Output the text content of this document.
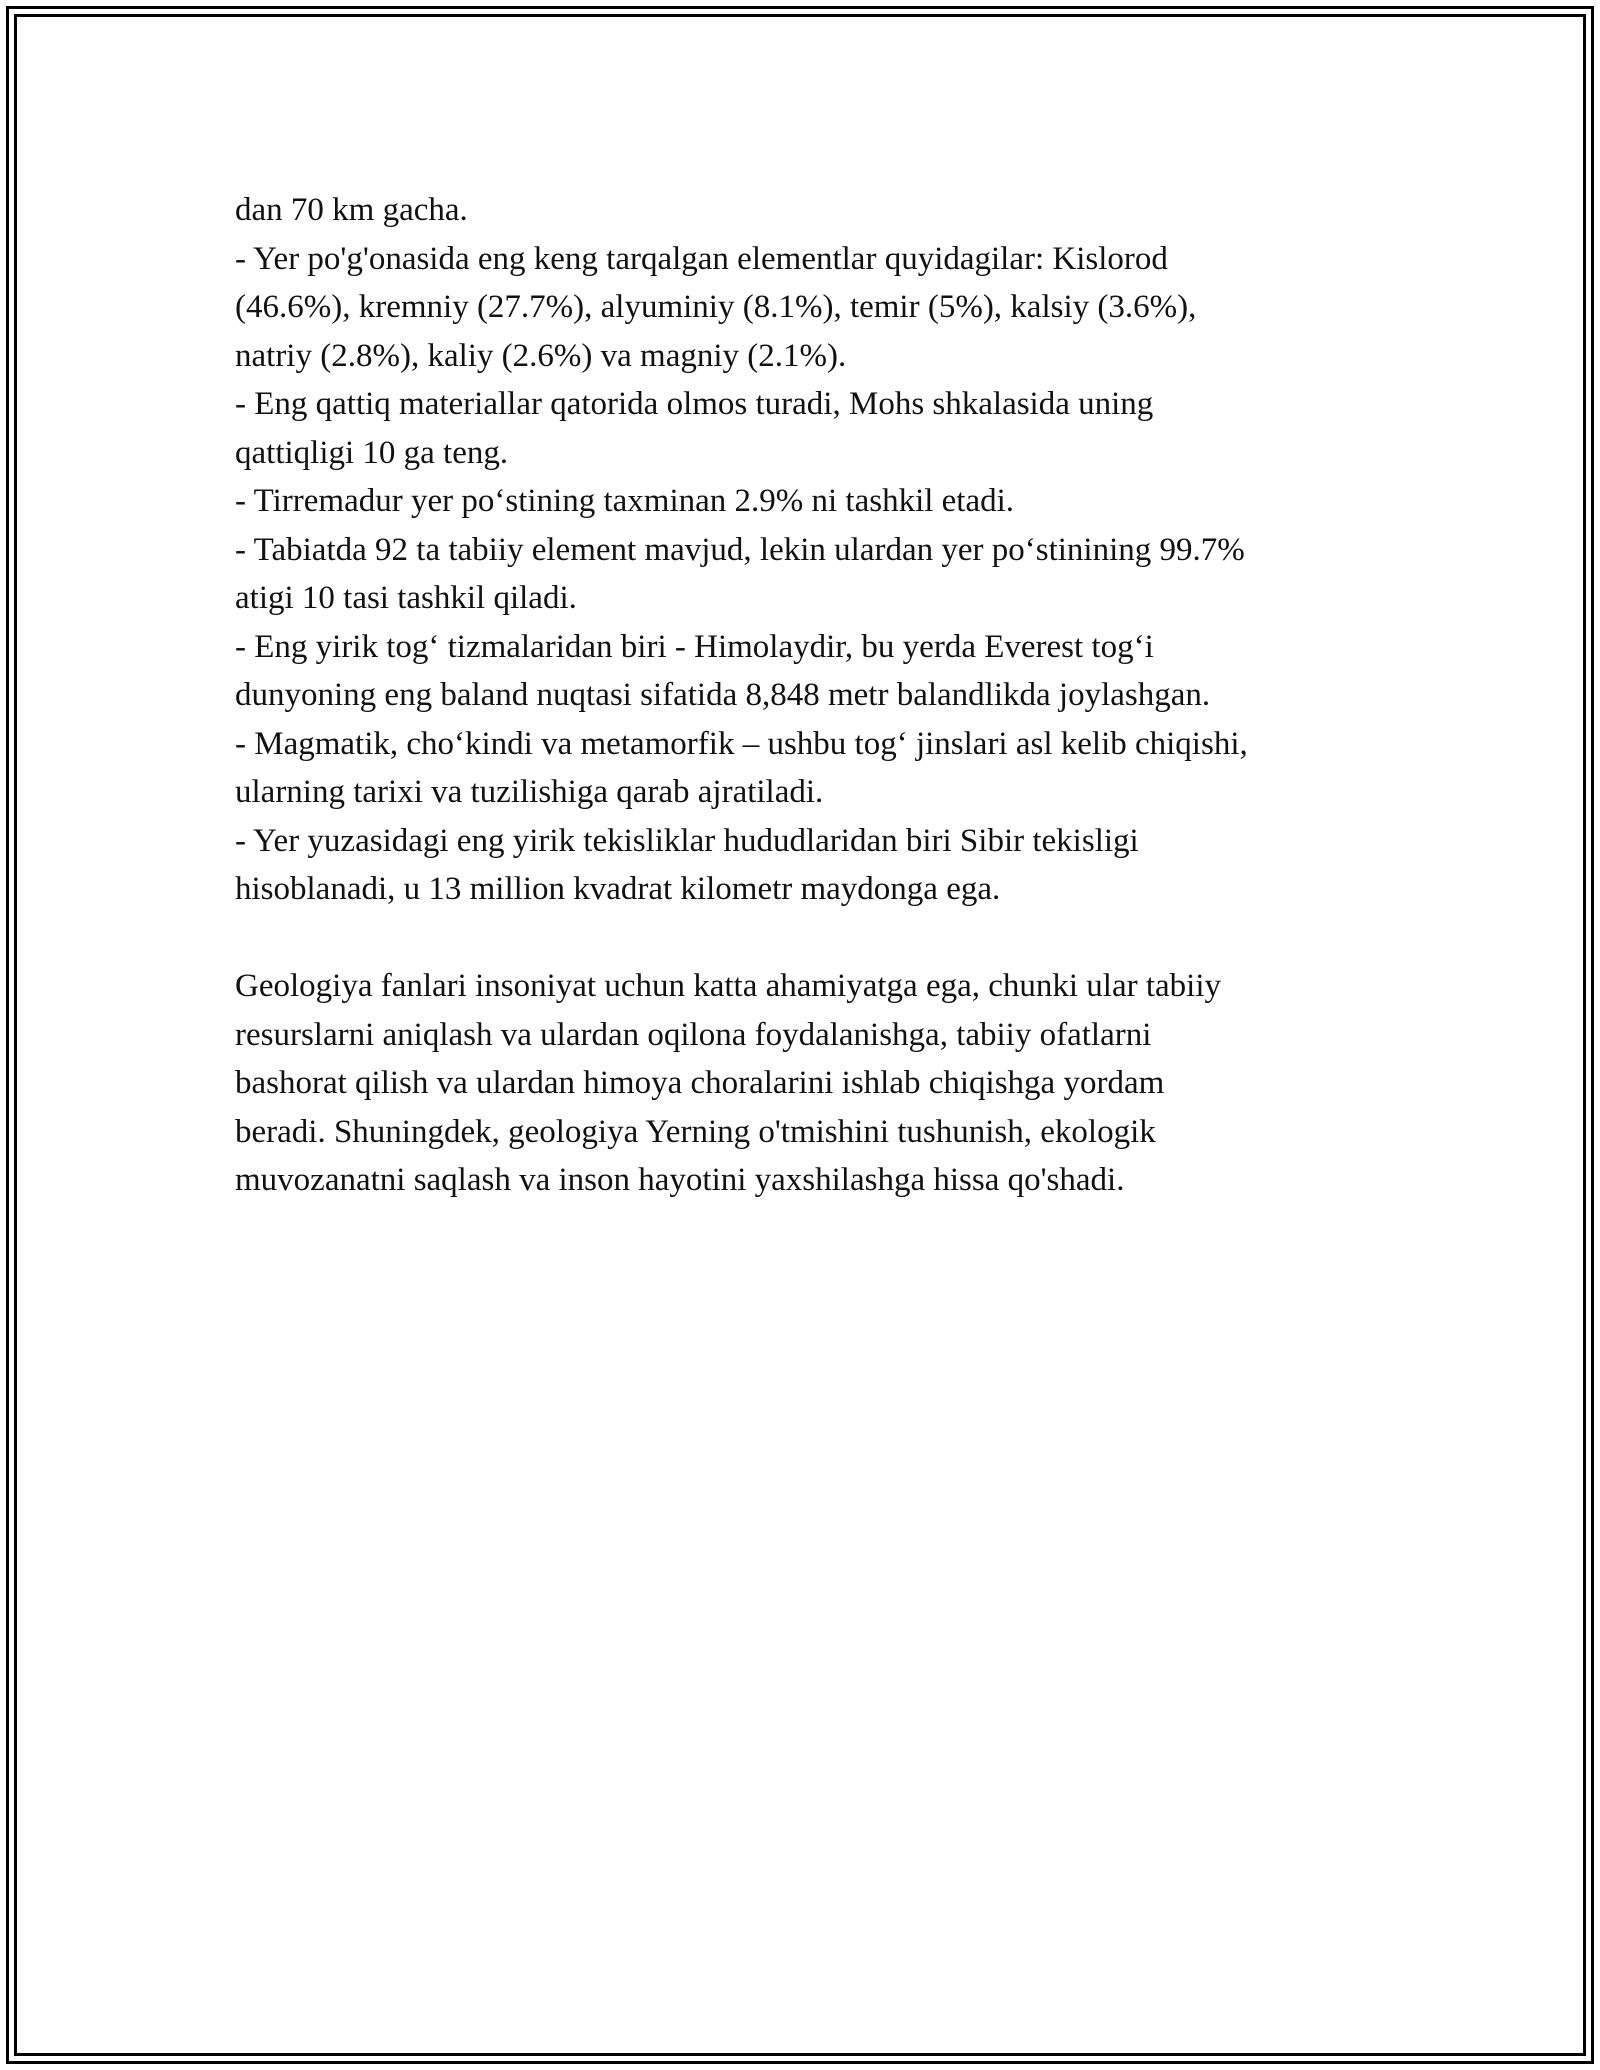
dan 70 km gacha.

- Yer po'g'onasida eng keng tarqalgan elementlar quyidagilar: Kislorod

(46.6%), kremniy (27.7%), alyuminiy (8.1%), temir (5%), kalsiy (3.6%),

natriy (2.8%), kaliy (2.6%) va magniy (2.1%).

- Eng qattiq materiallar qatorida olmos turadi, Mohs shkalasida uning

qattiqligi 10 ga teng.

- Tirremadur yer po‘stining taxminan 2.9% ni tashkil etadi.

- Tabiatda 92 ta tabiiy element mavjud, lekin ulardan yer po‘stinining 99.7%

atigi 10 tasi tashkil qiladi.

- Eng yirik tog‘ tizmalaridan biri - Himolaydir, bu yerda Everest tog‘i

dunyoning eng baland nuqtasi sifatida 8,848 metr balandlikda joylashgan.

- Magmatik, cho‘kindi va metamorfik – ushbu tog‘ jinslari asl kelib chiqishi,

ularning tarixi va tuzilishiga qarab ajratiladi.

- Yer yuzasidagi eng yirik tekisliklar hududlaridan biri Sibir tekisligi

hisoblanadi, u 13 million kvadrat kilometr maydonga ega.

Geologiya fanlari insoniyat uchun katta ahamiyatga ega, chunki ular tabiiy

resurslarni aniqlash va ulardan oqilona foydalanishga, tabiiy ofatlarni

bashorat qilish va ulardan himoya choralarini ishlab chiqishga yordam

beradi. Shuningdek, geologiya Yerning o'tmishini tushunish, ekologik

muvozanatni saqlash va inson hayotini yaxshilashga hissa qo'shadi.
